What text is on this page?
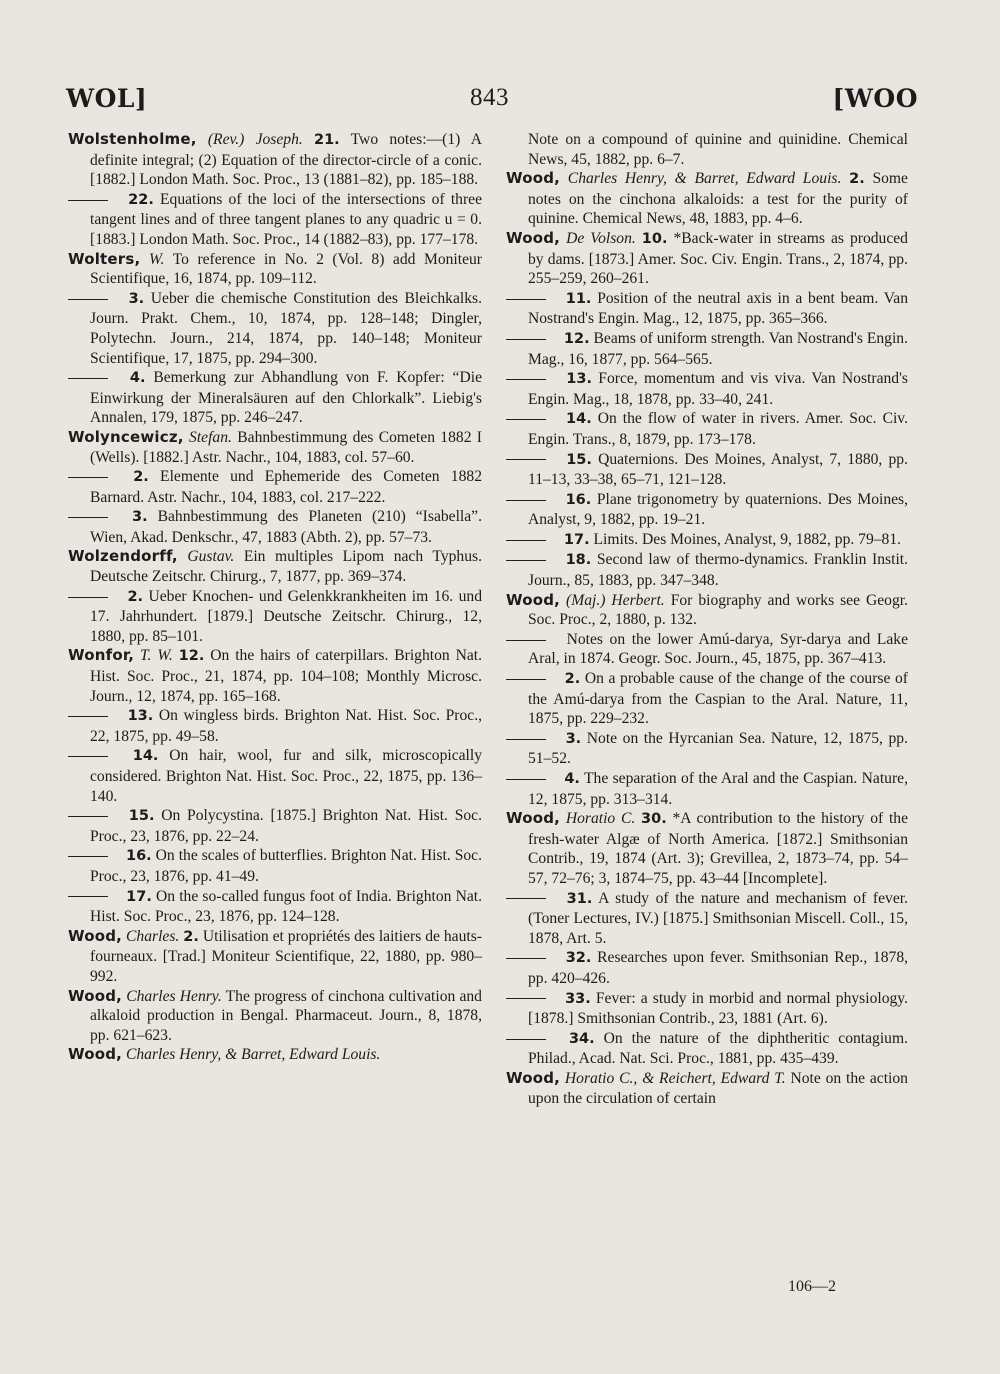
WOL]	843	[WOO

Wolstenholme, (Rev.) Joseph. 21. Two notes:—(1) A definite integral; (2) Equation of the director-circle of a conic. [1882.] London Math. Soc. Proc., 13 (1881–82), pp. 185–188.

22. Equations of the loci of the intersections of three tangent lines and of three tangent planes to any quadric u = 0. [1883.] London Math. Soc. Proc., 14 (1882–83), pp. 177–178.

Wolters, W. To reference in No. 2 (Vol. 8) add Moniteur Scientifique, 16, 1874, pp. 109–112.

3. Ueber die chemische Constitution des Bleichkalks. Journ. Prakt. Chem., 10, 1874, pp. 128–148; Dingler, Polytechn. Journ., 214, 1874, pp. 140–148; Moniteur Scientifique, 17, 1875, pp. 294–300.

4. Bemerkung zur Abhandlung von F. Kopfer: “Die Einwirkung der Mineralsäuren auf den Chlorkalk”. Liebig's Annalen, 179, 1875, pp. 246–247.

Wolyncewicz, Stefan. Bahnbestimmung des Cometen 1882 I (Wells). [1882.] Astr. Nachr., 104, 1883, col. 57–60.

2. Elemente und Ephemeride des Cometen 1882 Barnard. Astr. Nachr., 104, 1883, col. 217–222.

3. Bahnbestimmung des Planeten (210) “Isabella”. Wien, Akad. Denkschr., 47, 1883 (Abth. 2), pp. 57–73.

Wolzendorff, Gustav. Ein multiples Lipom nach Typhus. Deutsche Zeitschr. Chirurg., 7, 1877, pp. 369–374.

2. Ueber Knochen- und Gelenkkrankheiten im 16. und 17. Jahrhundert. [1879.] Deutsche Zeitschr. Chirurg., 12, 1880, pp. 85–101.

Wonfor, T. W. 12. On the hairs of caterpillars. Brighton Nat. Hist. Soc. Proc., 21, 1874, pp. 104–108; Monthly Microsc. Journ., 12, 1874, pp. 165–168.

13. On wingless birds. Brighton Nat. Hist. Soc. Proc., 22, 1875, pp. 49–58.

14. On hair, wool, fur and silk, microscopically considered. Brighton Nat. Hist. Soc. Proc., 22, 1875, pp. 136–140.

15. On Polycystina. [1875.] Brighton Nat. Hist. Soc. Proc., 23, 1876, pp. 22–24.

16. On the scales of butterflies. Brighton Nat. Hist. Soc. Proc., 23, 1876, pp. 41–49.

17. On the so-called fungus foot of India. Brighton Nat. Hist. Soc. Proc., 23, 1876, pp. 124–128.

Wood, Charles. 2. Utilisation et propriétés des laitiers de hauts-fourneaux. [Trad.] Moniteur Scientifique, 22, 1880, pp. 980–992.

Wood, Charles Henry. The progress of cinchona cultivation and alkaloid production in Bengal. Pharmaceut. Journ., 8, 1878, pp. 621–623.

Wood, Charles Henry, & Barret, Edward Louis.

Note on a compound of quinine and quinidine. Chemical News, 45, 1882, pp. 6–7.

Wood, Charles Henry, & Barret, Edward Louis. 2. Some notes on the cinchona alkaloids: a test for the purity of quinine. Chemical News, 48, 1883, pp. 4–6.

Wood, De Volson. 10. *Back-water in streams as produced by dams. [1873.] Amer. Soc. Civ. Engin. Trans., 2, 1874, pp. 255–259, 260–261.

11. Position of the neutral axis in a bent beam. Van Nostrand's Engin. Mag., 12, 1875, pp. 365–366.

12. Beams of uniform strength. Van Nostrand's Engin. Mag., 16, 1877, pp. 564–565.

13. Force, momentum and vis viva. Van Nostrand's Engin. Mag., 18, 1878, pp. 33–40, 241.

14. On the flow of water in rivers. Amer. Soc. Civ. Engin. Trans., 8, 1879, pp. 173–178.

15. Quaternions. Des Moines, Analyst, 7, 1880, pp. 11–13, 33–38, 65–71, 121–128.

16. Plane trigonometry by quaternions. Des Moines, Analyst, 9, 1882, pp. 19–21.

17. Limits. Des Moines, Analyst, 9, 1882, pp. 79–81.

18. Second law of thermo-dynamics. Franklin Instit. Journ., 85, 1883, pp. 347–348.

Wood, (Maj.) Herbert. For biography and works see Geogr. Soc. Proc., 2, 1880, p. 132.

Notes on the lower Amú-darya, Syr-darya and Lake Aral, in 1874. Geogr. Soc. Journ., 45, 1875, pp. 367–413.

2. On a probable cause of the change of the course of the Amú-darya from the Caspian to the Aral. Nature, 11, 1875, pp. 229–232.

3. Note on the Hyrcanian Sea. Nature, 12, 1875, pp. 51–52.

4. The separation of the Aral and the Caspian. Nature, 12, 1875, pp. 313–314.

Wood, Horatio C. 30. *A contribution to the history of the fresh-water Algæ of North America. [1872.] Smithsonian Contrib., 19, 1874 (Art. 3); Grevillea, 2, 1873–74, pp. 54–57, 72–76; 3, 1874–75, pp. 43–44 [Incomplete].

31. A study of the nature and mechanism of fever. (Toner Lectures, IV.) [1875.] Smithsonian Miscell. Coll., 15, 1878, Art. 5.

32. Researches upon fever. Smithsonian Rep., 1878, pp. 420–426.

33. Fever: a study in morbid and normal physiology. [1878.] Smithsonian Contrib., 23, 1881 (Art. 6).

34. On the nature of the diphtheritic contagium. Philad., Acad. Nat. Sci. Proc., 1881, pp. 435–439.

Wood, Horatio C., & Reichert, Edward T. Note on the action upon the circulation of certain

106—2
